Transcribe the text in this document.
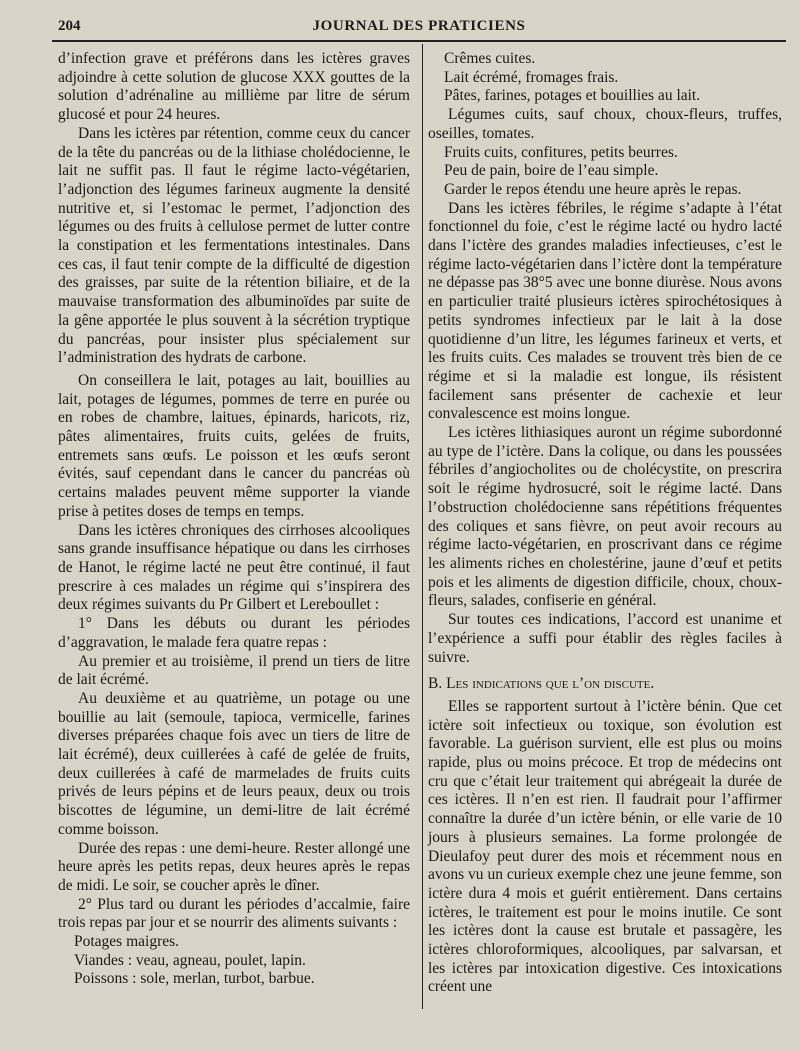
204	JOURNAL DES PRATICIENS

d’infection grave et préférons dans les ictères graves adjoindre à cette solution de glucose XXX gouttes de la solution d’adrénaline au millième par litre de sérum glucosé et pour 24 heures.

Dans les ictères par rétention, comme ceux du cancer de la tête du pancréas ou de la lithiase cholédocienne, le lait ne suffit pas. Il faut le régime lacto-végétarien, l’adjonction des légumes farineux augmente la densité nutritive et, si l’estomac le permet, l’adjonction des légumes ou des fruits à cellulose permet de lutter contre la constipation et les fermentations intestinales. Dans ces cas, il faut tenir compte de la difficulté de digestion des graisses, par suite de la rétention biliaire, et de la mauvaise transformation des albuminoïdes par suite de la gêne apportée le plus souvent à la sécrétion tryptique du pancréas, pour insister plus spécialement sur l’administration des hydrats de carbone.

On conseillera le lait, potages au lait, bouillies au lait, potages de légumes, pommes de terre en purée ou en robes de chambre, laitues, épinards, haricots, riz, pâtes alimentaires, fruits cuits, gelées de fruits, entremets sans œufs. Le poisson et les œufs seront évités, sauf cependant dans le cancer du pancréas où certains malades peuvent même supporter la viande prise à petites doses de temps en temps.

Dans les ictères chroniques des cirrhoses alcooliques sans grande insuffisance hépatique ou dans les cirrhoses de Hanot, le régime lacté ne peut être continué, il faut prescrire à ces malades un régime qui s’inspirera des deux régimes suivants du Pr Gilbert et Lereboullet :

1° Dans les débuts ou durant les périodes d’aggravation, le malade fera quatre repas :

Au premier et au troisième, il prend un tiers de litre de lait écrémé.

Au deuxième et au quatrième, un potage ou une bouillie au lait (semoule, tapioca, vermicelle, farines diverses préparées chaque fois avec un tiers de litre de lait écrémé), deux cuillerées à café de gelée de fruits, deux cuillerées à café de marmelades de fruits cuits privés de leurs pépins et de leurs peaux, deux ou trois biscottes de légumine, un demi-litre de lait écrémé comme boisson.

Durée des repas : une demi-heure. Rester allongé une heure après les petits repas, deux heures après le repas de midi. Le soir, se coucher après le dîner.

2° Plus tard ou durant les périodes d’accalmie, faire trois repas par jour et se nourrir des aliments suivants :

Potages maigres.

Viandes : veau, agneau, poulet, lapin.

Poissons : sole, merlan, turbot, barbue.

Crêmes cuites.

Lait écrémé, fromages frais.

Pâtes, farines, potages et bouillies au lait.

Légumes cuits, sauf choux, choux-fleurs, truffes, oseilles, tomates.

Fruits cuits, confitures, petits beurres.

Peu de pain, boire de l’eau simple.

Garder le repos étendu une heure après le repas.

Dans les ictères fébriles, le régime s’adapte à l’état fonctionnel du foie, c’est le régime lacté ou hydro lacté dans l’ictère des grandes maladies infectieuses, c’est le régime lacto-végétarien dans l’ictère dont la température ne dépasse pas 38°5 avec une bonne diurèse. Nous avons en particulier traité plusieurs ictères spirochétosiques à petits syndromes infectieux par le lait à la dose quotidienne d’un litre, les légumes farineux et verts, et les fruits cuits. Ces malades se trouvent très bien de ce régime et si la maladie est longue, ils résistent facilement sans présenter de cachexie et leur convalescence est moins longue.

Les ictères lithiasiques auront un régime subordonné au type de l’ictère. Dans la colique, ou dans les poussées fébriles d’angiocholites ou de cholécystite, on prescrira soit le régime hydrosucré, soit le régime lacté. Dans l’obstruction cholédocienne sans répétitions fréquentes des coliques et sans fièvre, on peut avoir recours au régime lacto-végétarien, en proscrivant dans ce régime les aliments riches en cholestérine, jaune d’œuf et petits pois et les aliments de digestion difficile, choux, choux-fleurs, salades, confiserie en général.

Sur toutes ces indications, l’accord est unanime et l’expérience a suffi pour établir des règles faciles à suivre.

B. Les indications que l’on discute.

Elles se rapportent surtout à l’ictère bénin. Que cet ictère soit infectieux ou toxique, son évolution est favorable. La guérison survient, elle est plus ou moins rapide, plus ou moins précoce. Et trop de médecins ont cru que c’était leur traitement qui abrégeait la durée de ces ictères. Il n’en est rien. Il faudrait pour l’affirmer connaître la durée d’un ictère bénin, or elle varie de 10 jours à plusieurs semaines. La forme prolongée de Dieulafoy peut durer des mois et récemment nous en avons vu un curieux exemple chez une jeune femme, son ictère dura 4 mois et guérit entièrement. Dans certains ictères, le traitement est pour le moins inutile. Ce sont les ictères dont la cause est brutale et passagère, les ictères chloroformiques, alcooliques, par salvarsan, et les ictères par intoxication digestive. Ces intoxications créent une
